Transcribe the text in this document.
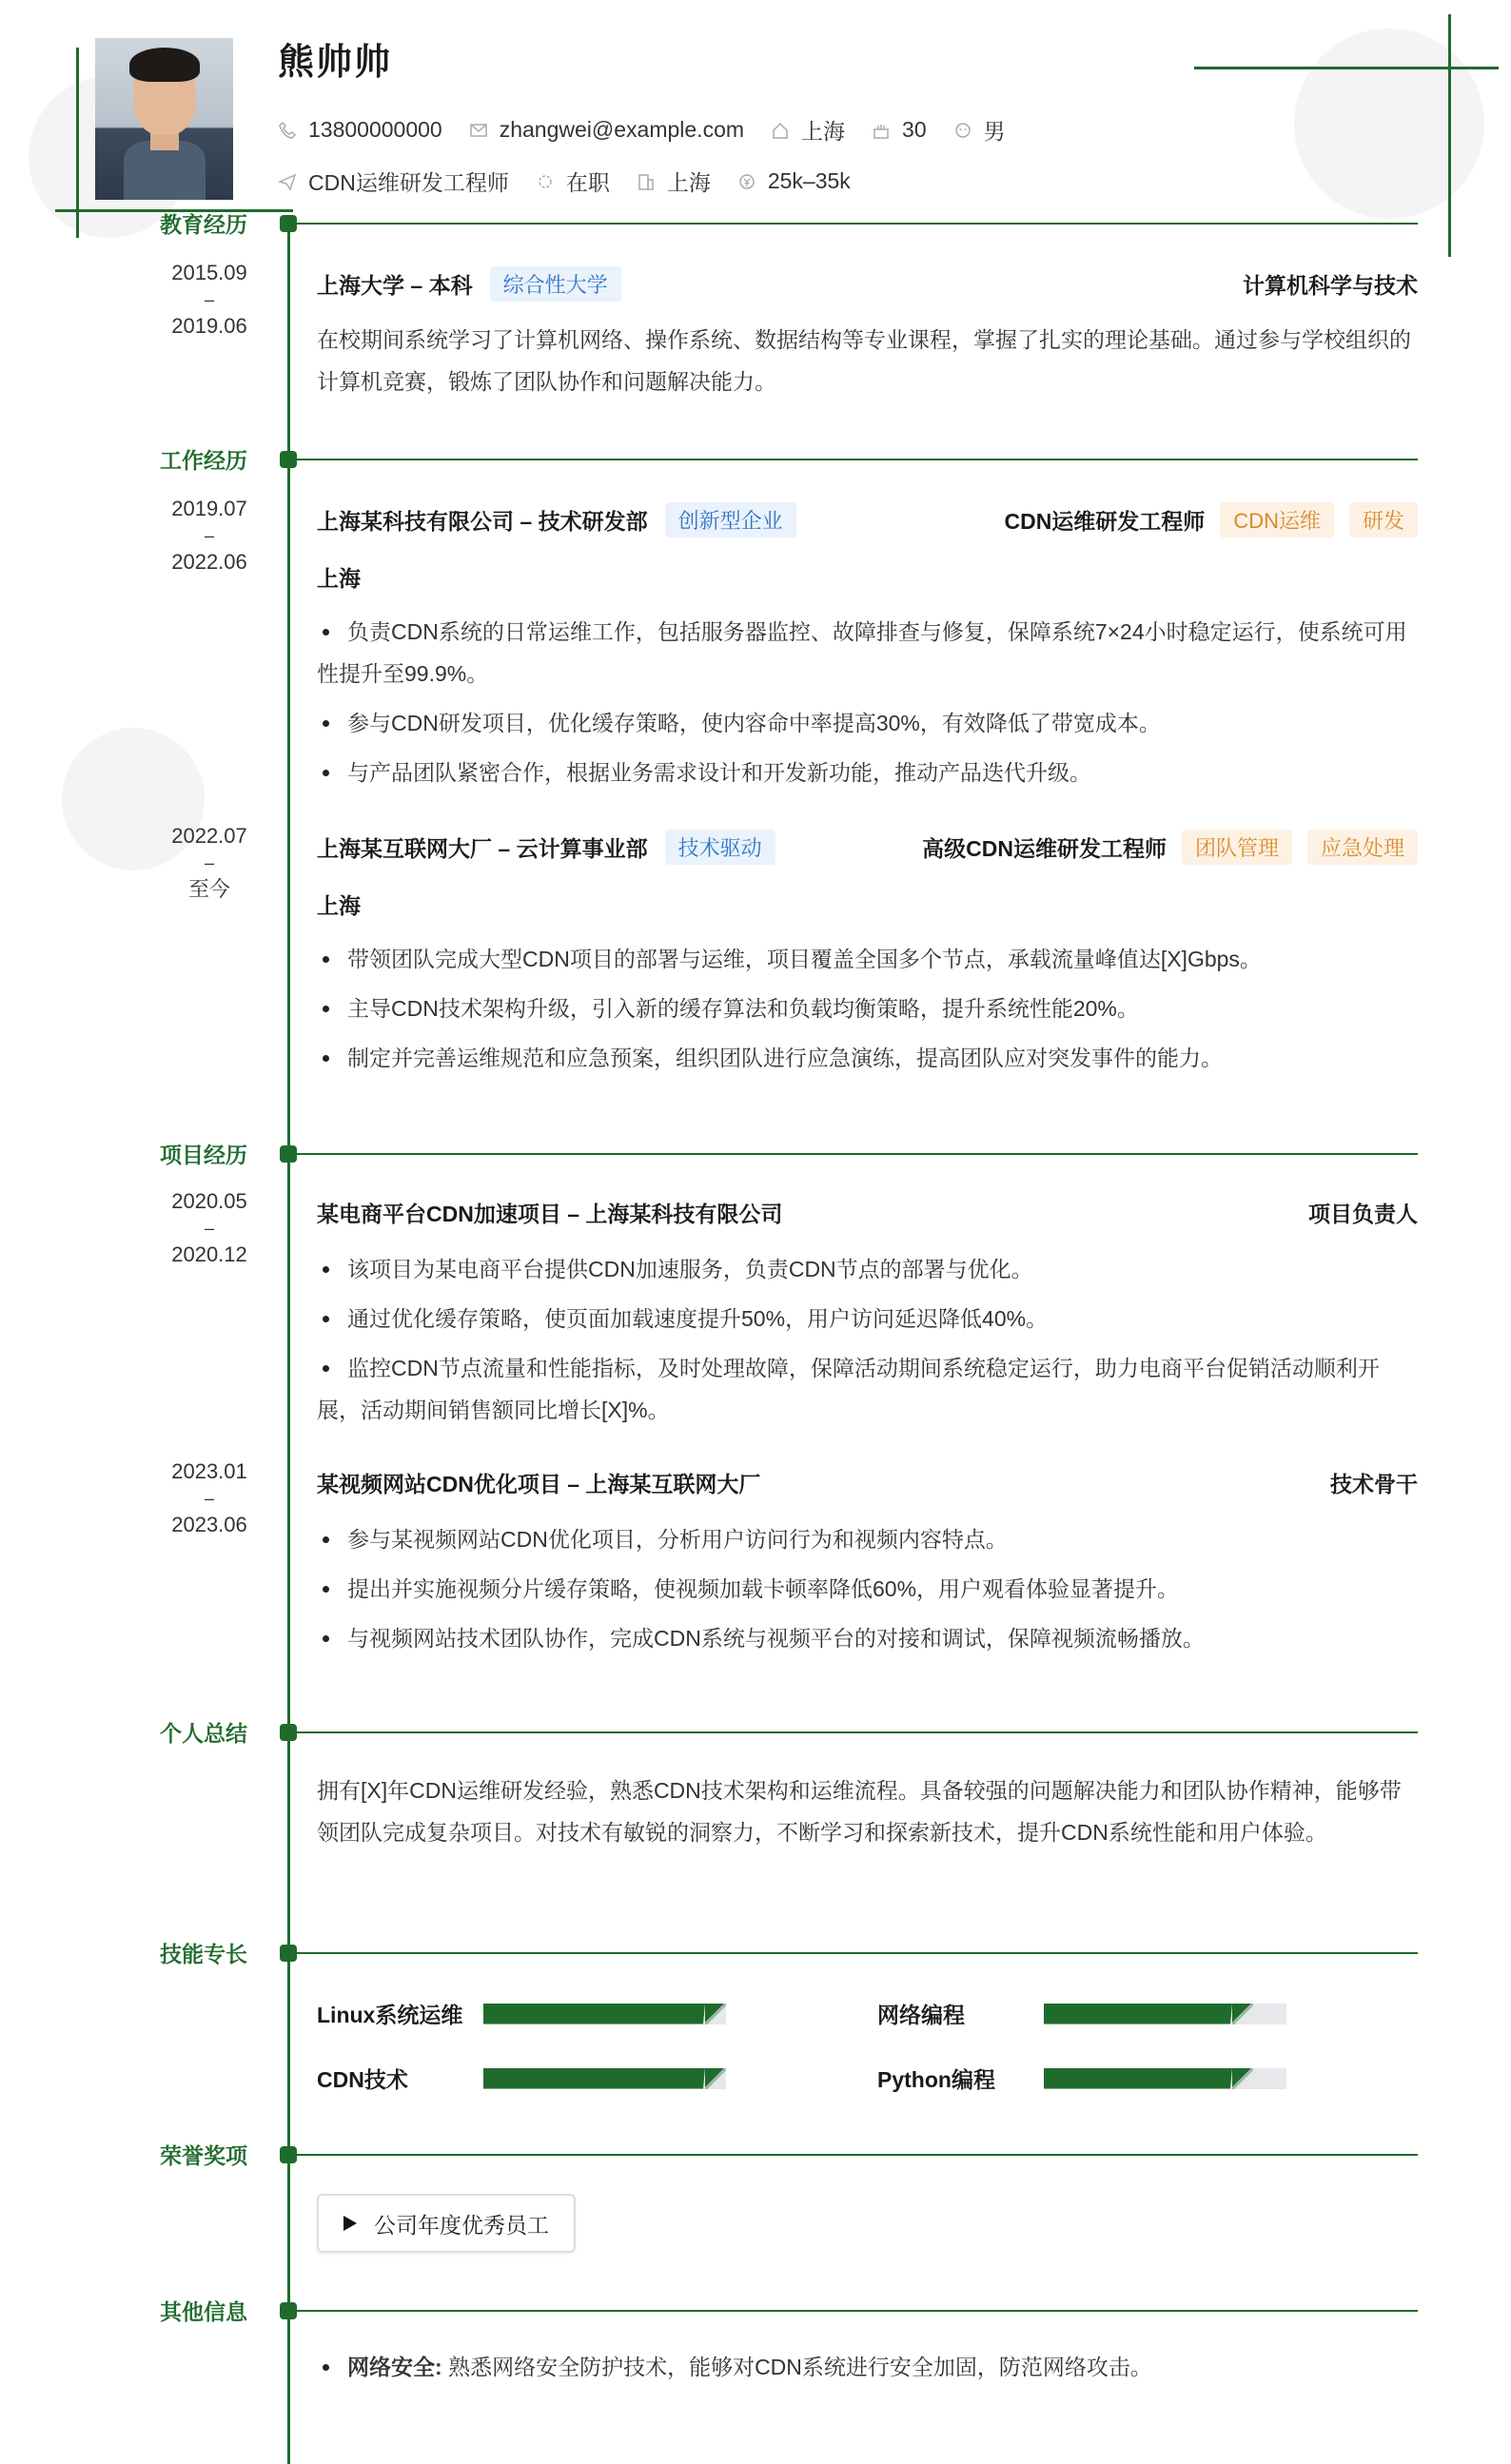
熊帅帅
13800000000	zhangwei@example.com	上海	30	男
CDN运维研发工程师	在职	上海	25k–35k
教育经历
2015.09
–
2019.06
上海大学 – 本科	综合性大学	计算机科学与技术
在校期间系统学习了计算机网络、操作系统、数据结构等专业课程，掌握了扎实的理论基础。通过参与学校组织的计算机竞赛，锻炼了团队协作和问题解决能力。
工作经历
2019.07
–
2022.06
上海某科技有限公司 – 技术研发部	创新型企业	CDN运维研发工程师	CDN运维	研发
上海
负责CDN系统的日常运维工作，包括服务器监控、故障排查与修复，保障系统7×24小时稳定运行，使系统可用性提升至99.9%。
参与CDN研发项目，优化缓存策略，使内容命中率提高30%，有效降低了带宽成本。
与产品团队紧密合作，根据业务需求设计和开发新功能，推动产品迭代升级。
2022.07
–
至今
上海某互联网大厂 – 云计算事业部	技术驱动	高级CDN运维研发工程师	团队管理	应急处理
上海
带领团队完成大型CDN项目的部署与运维，项目覆盖全国多个节点，承载流量峰值达[X]Gbps。
主导CDN技术架构升级，引入新的缓存算法和负载均衡策略，提升系统性能20%。
制定并完善运维规范和应急预案，组织团队进行应急演练，提高团队应对突发事件的能力。
项目经历
2020.05
–
2020.12
某电商平台CDN加速项目 – 上海某科技有限公司	项目负责人
该项目为某电商平台提供CDN加速服务，负责CDN节点的部署与优化。
通过优化缓存策略，使页面加载速度提升50%，用户访问延迟降低40%。
监控CDN节点流量和性能指标，及时处理故障，保障活动期间系统稳定运行，助力电商平台促销活动顺利开展，活动期间销售额同比增长[X]%。
2023.01
–
2023.06
某视频网站CDN优化项目 – 上海某互联网大厂	技术骨干
参与某视频网站CDN优化项目，分析用户访问行为和视频内容特点。
提出并实施视频分片缓存策略，使视频加载卡顿率降低60%，用户观看体验显著提升。
与视频网站技术团队协作，完成CDN系统与视频平台的对接和调试，保障视频流畅播放。
个人总结
拥有[X]年CDN运维研发经验，熟悉CDN技术架构和运维流程。具备较强的问题解决能力和团队协作精神，能够带领团队完成复杂项目。对技术有敏锐的洞察力，不断学习和探索新技术，提升CDN系统性能和用户体验。
技能专长
Linux系统运维	网络编程
CDN技术	Python编程
荣誉奖项
公司年度优秀员工
其他信息
网络安全: 熟悉网络安全防护技术，能够对CDN系统进行安全加固，防范网络攻击。
